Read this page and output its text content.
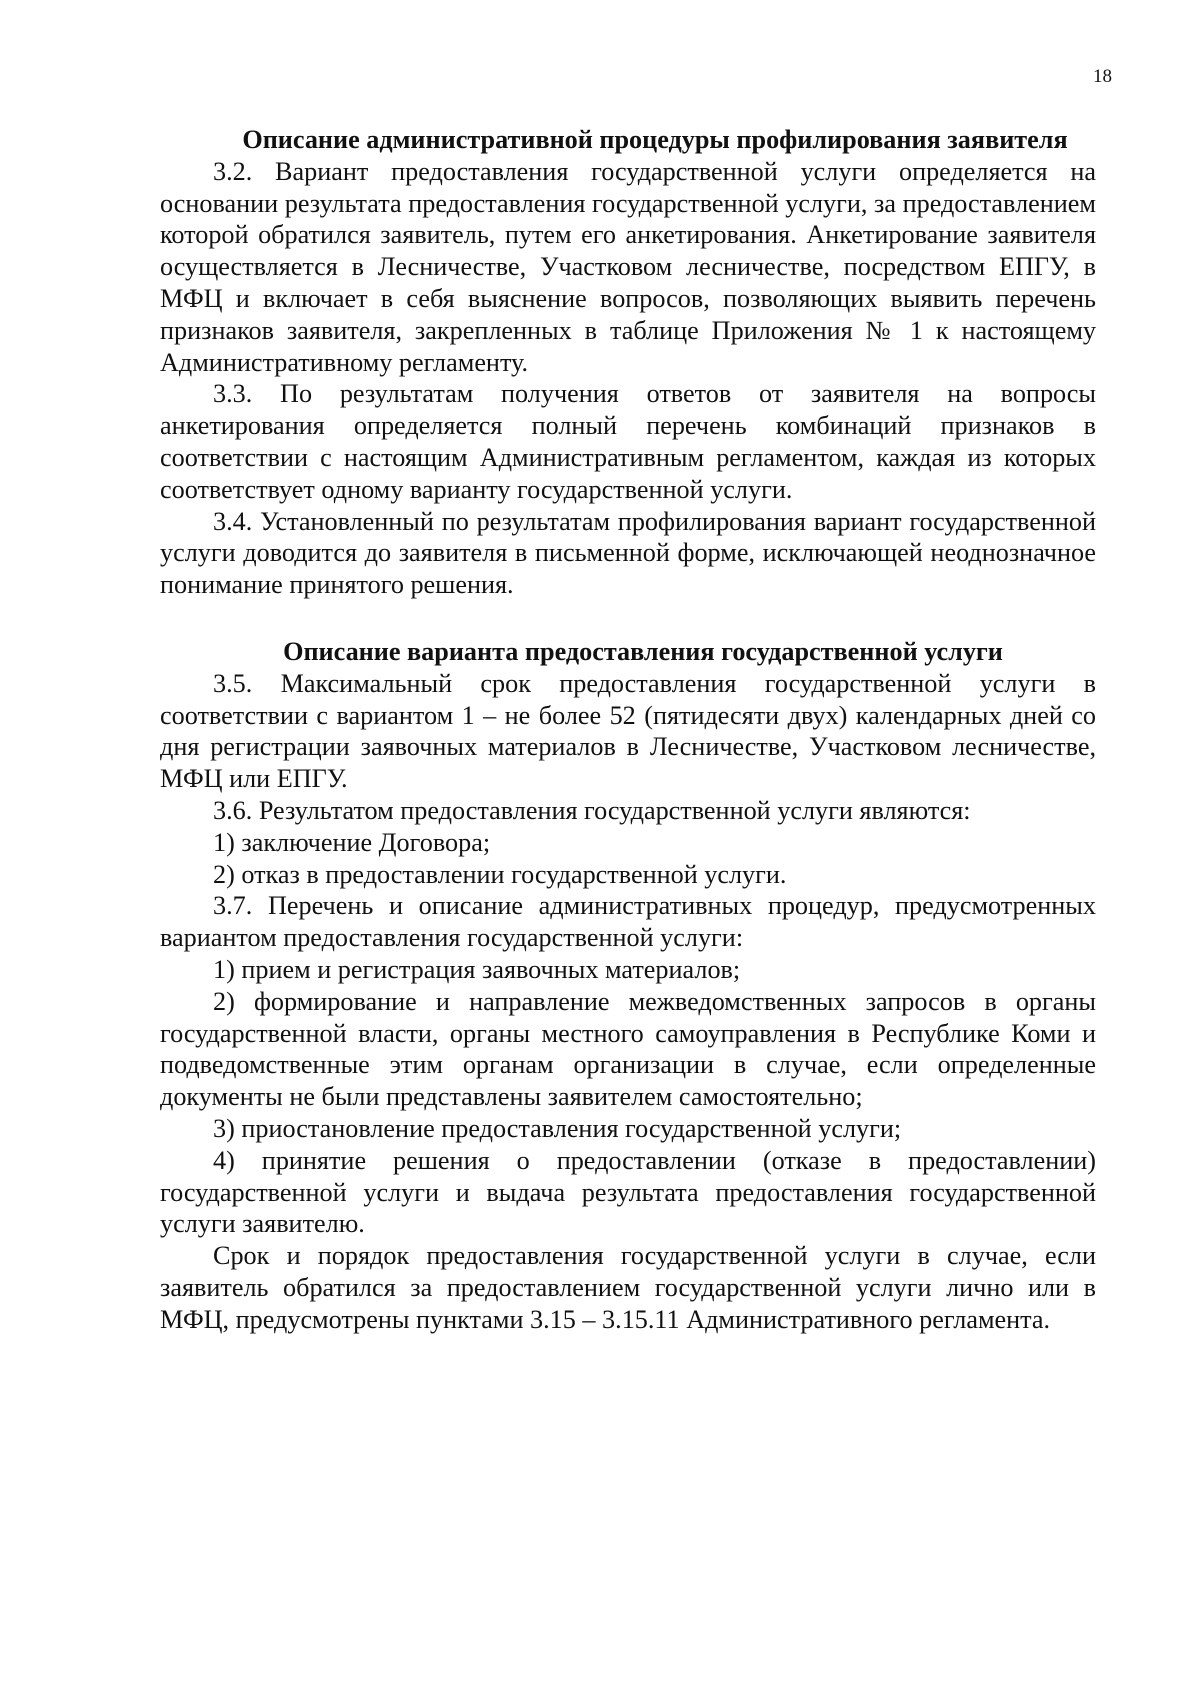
18

Описание административной процедуры профилирования заявителя

3.2. Вариант предоставления государственной услуги определяется на основании результата предоставления государственной услуги, за предоставлением которой обратился заявитель, путем его анкетирования. Анкетирование заявителя осуществляется в Лесничестве, Участковом лесничестве, посредством ЕПГУ, в МФЦ и включает в себя выяснение вопросов, позволяющих выявить перечень признаков заявителя, закрепленных в таблице Приложения № 1 к настоящему Административному регламенту.

3.3. По результатам получения ответов от заявителя на вопросы анкетирования определяется полный перечень комбинаций признаков в соответствии с настоящим Административным регламентом, каждая из которых соответствует одному варианту государственной услуги.

3.4. Установленный по результатам профилирования вариант государственной услуги доводится до заявителя в письменной форме, исключающей неоднозначное понимание принятого решения.

Описание варианта предоставления государственной услуги

3.5. Максимальный срок предоставления государственной услуги в соответствии с вариантом 1 – не более 52 (пятидесяти двух) календарных дней со дня регистрации заявочных материалов в Лесничестве, Участковом лесничестве, МФЦ или ЕПГУ.

3.6. Результатом предоставления государственной услуги являются:

1) заключение Договора;

2) отказ в предоставлении государственной услуги.

3.7. Перечень и описание административных процедур, предусмотренных вариантом предоставления государственной услуги:

1) прием и регистрация заявочных материалов;

2) формирование и направление межведомственных запросов в органы государственной власти, органы местного самоуправления в Республике Коми и подведомственные этим органам организации в случае, если определенные документы не были представлены заявителем самостоятельно;

3) приостановление предоставления государственной услуги;

4) принятие решения о предоставлении (отказе в предоставлении) государственной услуги и выдача результата предоставления государственной услуги заявителю.

Срок и порядок предоставления государственной услуги в случае, если заявитель обратился за предоставлением государственной услуги лично или в МФЦ, предусмотрены пунктами 3.15 – 3.15.11 Административного регламента.
